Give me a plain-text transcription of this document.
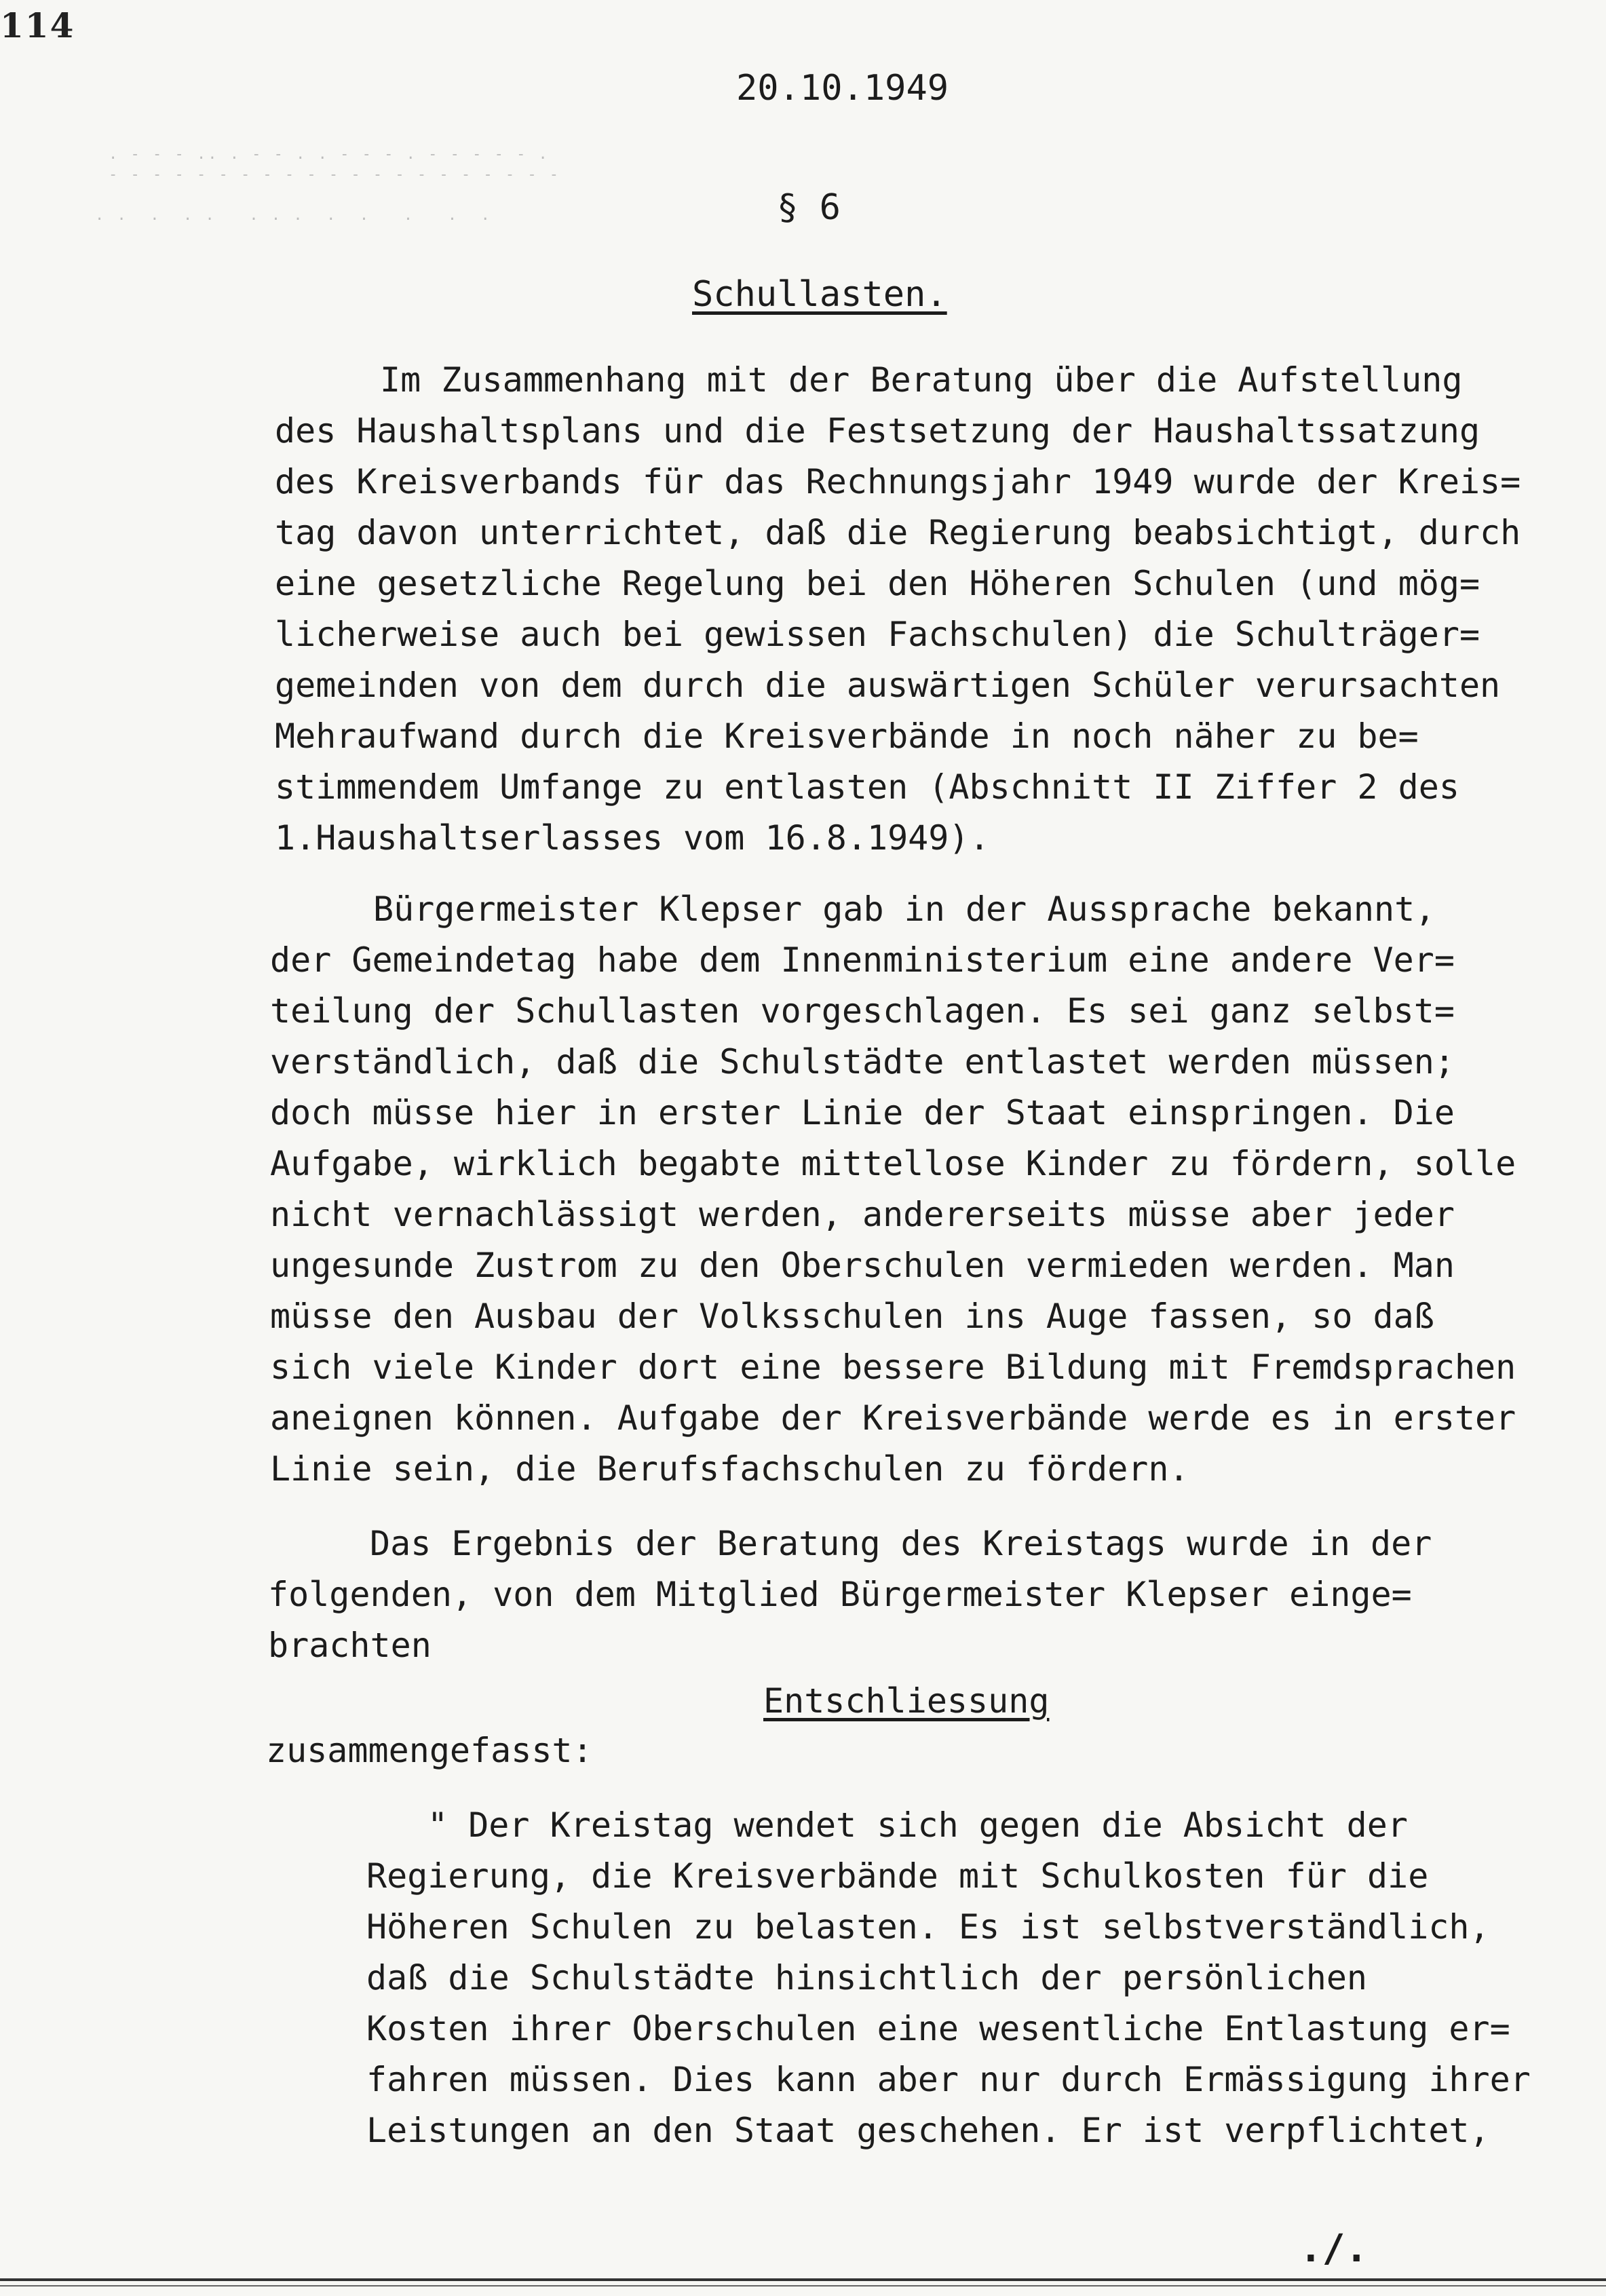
114
20.10.1949
§ 6
Schullasten.
. - - - .. . - - . . - - - . - - - - - .
- - - - - - - - - - - - - - - - - - - - -
. .  .  . .   . . .  .  .   .   .  .
Im Zusammenhang mit der Beratung über die Aufstellung
des Haushaltsplans und die Festsetzung der Haushaltssatzung
des Kreisverbands für das Rechnungsjahr 1949 wurde der Kreis=
tag davon unterrichtet, daß die Regierung beabsichtigt, durch
eine gesetzliche Regelung bei den Höheren Schulen (und mög=
licherweise auch bei gewissen Fachschulen) die Schulträger=
gemeinden von dem durch die auswärtigen Schüler verursachten
Mehraufwand durch die Kreisverbände in noch näher zu be=
stimmendem Umfange zu entlasten (Abschnitt II Ziffer 2 des
1.Haushaltserlasses vom 16.8.1949).
Bürgermeister Klepser gab in der Aussprache bekannt,
der Gemeindetag habe dem Innenministerium eine andere Ver=
teilung der Schullasten vorgeschlagen. Es sei ganz selbst=
verständlich, daß die Schulstädte entlastet werden müssen;
doch müsse hier in erster Linie der Staat einspringen. Die
Aufgabe, wirklich begabte mittellose Kinder zu fördern, solle
nicht vernachlässigt werden, andererseits müsse aber jeder
ungesunde Zustrom zu den Oberschulen vermieden werden. Man
müsse den Ausbau der Volksschulen ins Auge fassen, so daß
sich viele Kinder dort eine bessere Bildung mit Fremdsprachen
aneignen können. Aufgabe der Kreisverbände werde es in erster
Linie sein, die Berufsfachschulen zu fördern.
Das Ergebnis der Beratung des Kreistags wurde in der
folgenden, von dem Mitglied Bürgermeister Klepser einge=
brachten
Entschliessung
zusammengefasst:
" Der Kreistag wendet sich gegen die Absicht der
Regierung, die Kreisverbände mit Schulkosten für die
Höheren Schulen zu belasten. Es ist selbstverständlich,
daß die Schulstädte hinsichtlich der persönlichen
Kosten ihrer Oberschulen eine wesentliche Entlastung er=
fahren müssen. Dies kann aber nur durch Ermässigung ihrer
Leistungen an den Staat geschehen. Er ist verpflichtet,
./.
